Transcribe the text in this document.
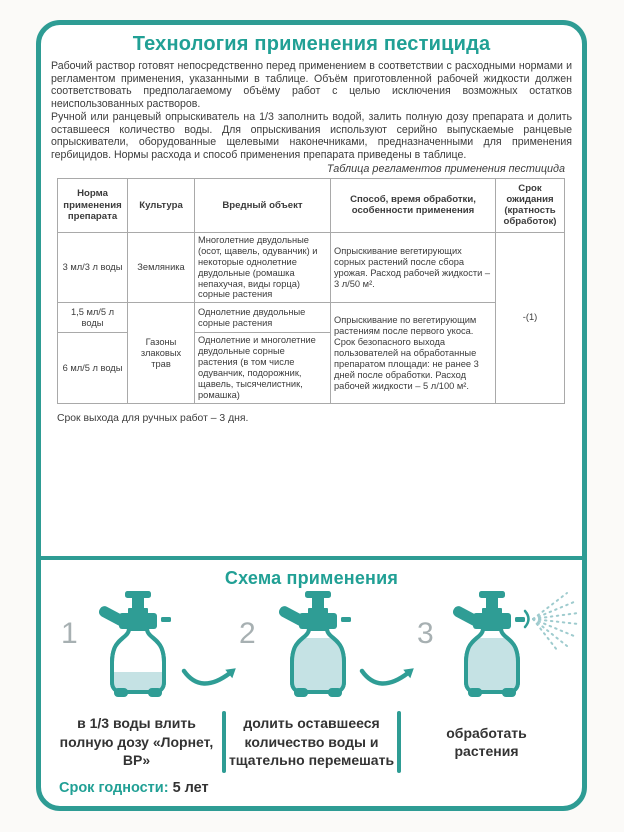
Технология применения пестицида

Рабочий раствор готовят непосредственно перед применением в соответствии с расходными нормами и регламентом применения, указанными в таблице. Объём приготовленной рабочей жидкости должен соответствовать предполагаемому объёму работ с целью исключения возможных остатков неиспользованных растворов.

Ручной или ранцевый опрыскиватель на 1/3 заполнить водой, залить полную дозу препарата и долить оставшееся количество воды. Для опрыскивания используют серийно выпускаемые ранцевые опрыскиватели, оборудованные щелевыми наконечниками, предназначенными для применения гербицидов. Нормы расхода и способ применения препарата приведены в таблице.

Таблица регламентов применения пестицида
Норма применения препарата	Культура	Вредный объект	Способ, время обработки, особенности применения	Срок ожидания (кратность обработок)
3 мл/3 л воды	Земляника	Многолетние двудольные (осот, щавель, одуванчик) и некоторые однолетние двудольные (ромашка непахучая, виды горца) сорные растения	Опрыскивание вегетирующих сорных растений после сбора урожая. Расход рабочей жидкости – 3 л/50 м².	-(1)
1,5 мл/5 л воды	Газоны злаковых трав	Однолетние двудольные сорные растения	Опрыскивание по вегетирующим растениям после первого укоса. Срок безопасного выхода пользователей на обработанные препаратом площади: не ранее 3 дней после обработки. Расход рабочей жидкости – 5 л/100 м².	
6 мл/5 л воды		Однолетние и многолетние двудольные сорные растения (в том числе одуванчик, подорожник, щавель, тысячелистник, ромашка)		
Срок выхода для ручных работ – 3 дня.
Схема применения
1	2	3
в 1/3 воды влить полную дозу «Лорнет, ВР»
долить оставшееся количество воды и тщательно перемешать
обработать растения
Срок годности: 5 лет
